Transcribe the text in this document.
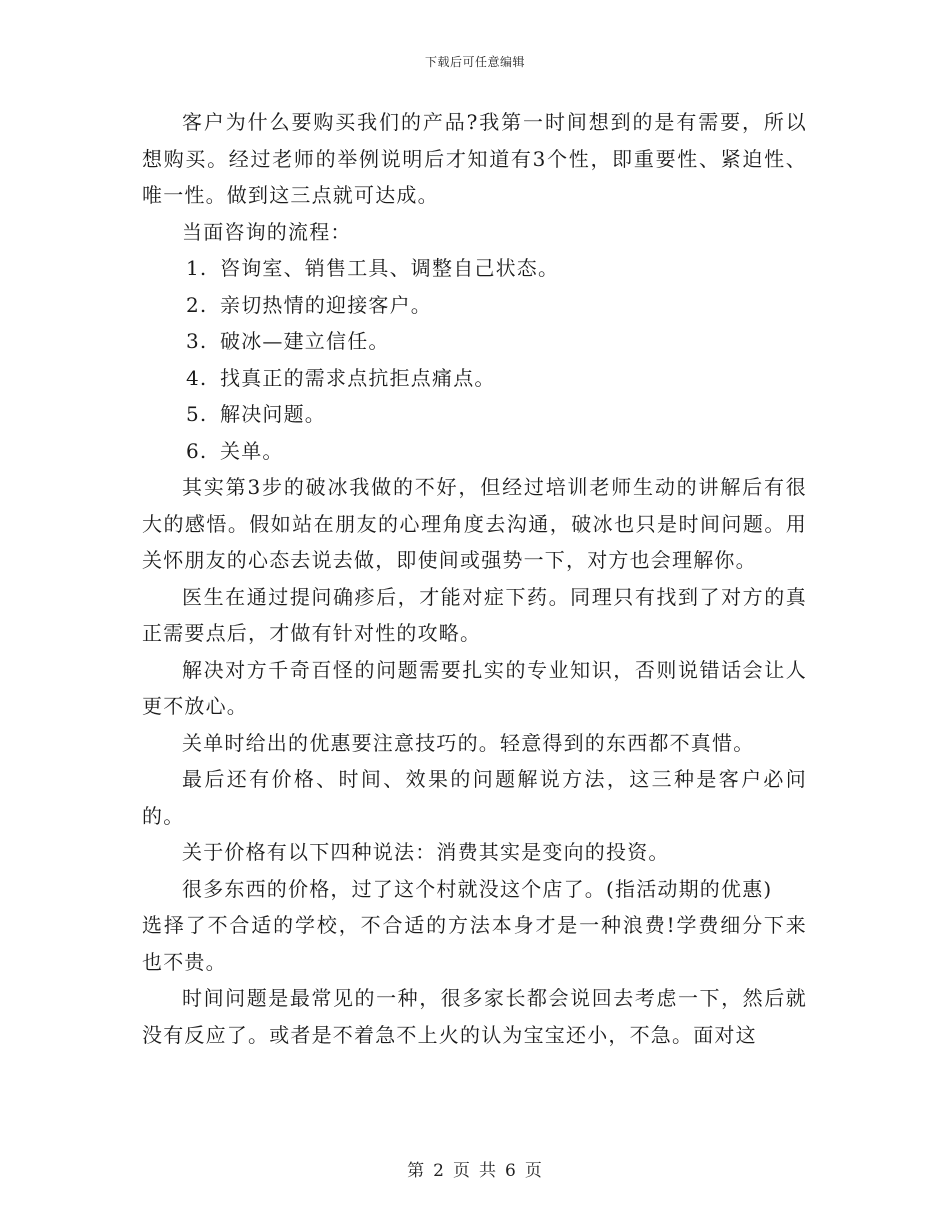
下载后可任意编辑

客户为什么要购买我们的产品?我第一时间想到的是有需要，所以想购买。经过老师的举例说明后才知道有3个性，即重要性、紧迫性、唯一性。做到这三点就可达成。

当面咨询的流程：

1. 咨询室、销售工具、调整自己状态。
2. 亲切热情的迎接客户。
3. 破冰—建立信任。
4. 找真正的需求点抗拒点痛点。
5. 解决问题。
6. 关单。

其实第3步的破冰我做的不好，但经过培训老师生动的讲解后有很大的感悟。假如站在朋友的心理角度去沟通，破冰也只是时间问题。用关怀朋友的心态去说去做，即使间或强势一下，对方也会理解你。

医生在通过提问确疹后，才能对症下药。同理只有找到了对方的真正需要点后，才做有针对性的攻略。

解决对方千奇百怪的问题需要扎实的专业知识，否则说错话会让人更不放心。

关单时给出的优惠要注意技巧的。轻意得到的东西都不真惜。

最后还有价格、时间、效果的问题解说方法，这三种是客户必问的。

关于价格有以下四种说法：消费其实是变向的投资。

很多东西的价格，过了这个村就没这个店了。(指活动期的优惠)

选择了不合适的学校，不合适的方法本身才是一种浪费!学费细分下来也不贵。

时间问题是最常见的一种，很多家长都会说回去考虑一下，然后就没有反应了。或者是不着急不上火的认为宝宝还小，不急。面对这

第 2 页 共 6 页
